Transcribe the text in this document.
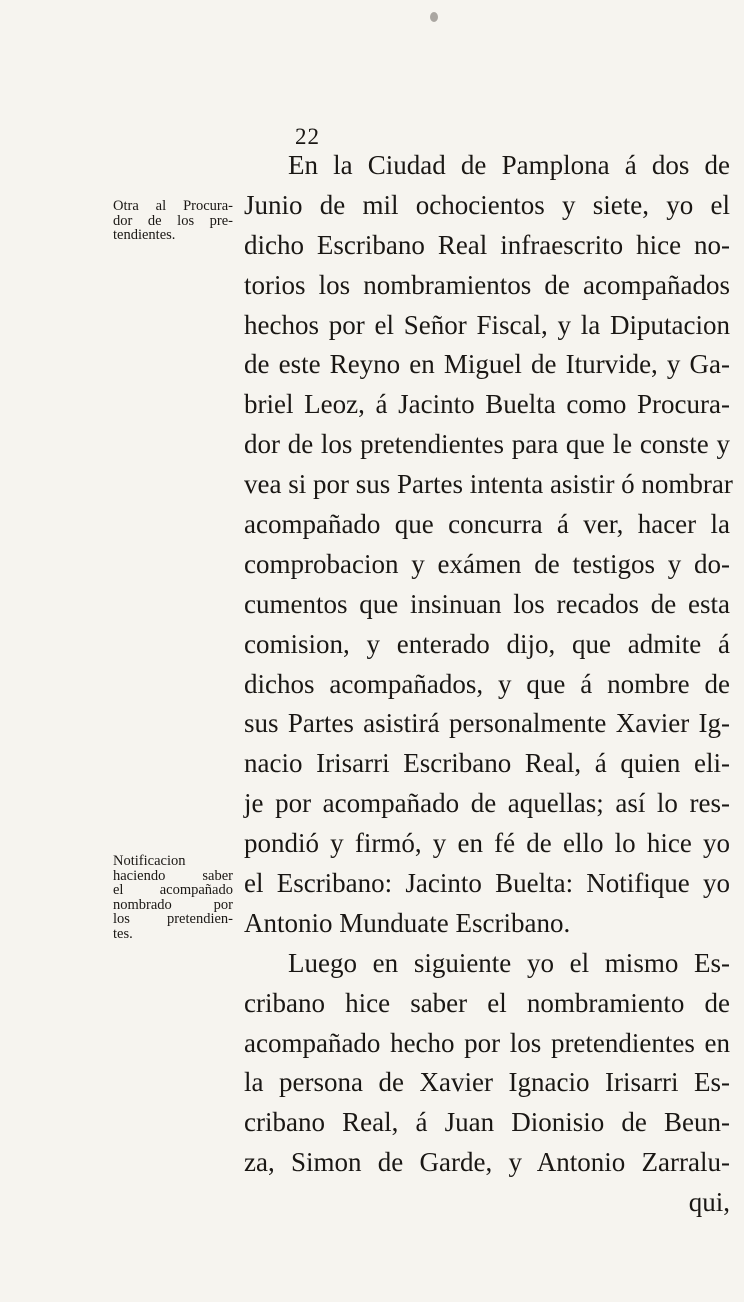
22
Otra al Procura-
dor de los pre-
tendientes.
Notificacion
haciendo saber
el acompañado
nombrado por
los pretendien-
tes.
En la Ciudad de Pamplona á dos de
Junio de mil ochocientos y siete, yo el
dicho Escribano Real infraescrito hice no-
torios los nombramientos de acompañados
hechos por el Señor Fiscal, y la Diputacion
de este Reyno en Miguel de Iturvide, y Ga-
briel Leoz, á Jacinto Buelta como Procura-
dor de los pretendientes para que le conste y
vea si por sus Partes intenta asistir ó nombrar
acompañado que concurra á ver, hacer la
comprobacion y exámen de testigos y do-
cumentos que insinuan los recados de esta
comision, y enterado dijo, que admite á
dichos acompañados, y que á nombre de
sus Partes asistirá personalmente Xavier Ig-
nacio Irisarri Escribano Real, á quien eli-
je por acompañado de aquellas; así lo res-
pondió y firmó, y en fé de ello lo hice yo
el Escribano: Jacinto Buelta: Notifique yo
Antonio Munduate Escribano.
Luego en siguiente yo el mismo Es-
cribano hice saber el nombramiento de
acompañado hecho por los pretendientes en
la persona de Xavier Ignacio Irisarri Es-
cribano Real, á Juan Dionisio de Beun-
za, Simon de Garde, y Antonio Zarralu-
qui,
